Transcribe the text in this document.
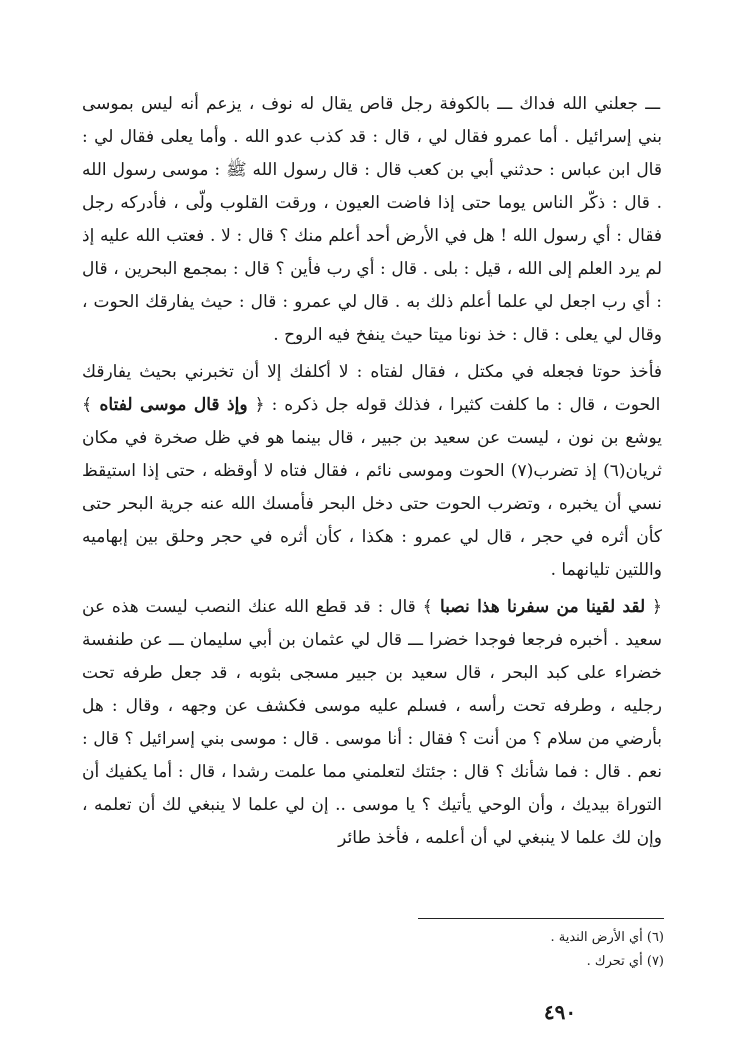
ـــ جعلني الله فداك ـــ بالكوفة رجل قاص يقال له نوف ، يزعم أنه ليس بموسى بني إسرائيل . أما عمرو فقال لي ، قال : قد كذب عدو الله . وأما يعلى فقال لي : قال ابن عباس : حدثني أبي بن كعب قال : قال رسول الله ﷺ : موسى رسول الله . قال : ذكّر الناس يوما حتى إذا فاضت العيون ، ورقت القلوب ولّى ، فأدركه رجل فقال : أي رسول الله ! هل في الأرض أحد أعلم منك ؟ قال : لا . فعتب الله عليه إذ لم يرد العلم إلى الله ، قيل : بلى . قال : أي رب فأين ؟ قال : بمجمع البحرين ، قال : أي رب اجعل لي علما أعلم ذلك به . قال لي عمرو : قال : حيث يفارقك الحوت ، وقال لي يعلى : قال : خذ نونا ميتا حيث ينفخ فيه الروح .

فأخذ حوتا فجعله في مكتل ، فقال لفتاه : لا أكلفك إلا أن تخبرني بحيث يفارقك الحوت ، قال : ما كلفت كثيرا ، فذلك قوله جل ذكره : ﴿ وإذ قال موسى لفتاه ﴾ يوشع بن نون ، ليست عن سعيد بن جبير ، قال بينما هو في ظل صخرة في مكان ثريان(٦) إذ تضرب(٧) الحوت وموسى نائم ، فقال فتاه لا أوقظه ، حتى إذا استيقظ نسي أن يخبره ، وتضرب الحوت حتى دخل البحر فأمسك الله عنه جرية البحر حتى كأن أثره في حجر ، قال لي عمرو : هكذا ، كأن أثره في حجر وحلق بين إبهاميه واللتين تليانهما .

﴿ لقد لقينا من سفرنا هذا نصبا ﴾ قال : قد قطع الله عنك النصب ليست هذه عن سعيد . أخبره فرجعا فوجدا خضرا ـــ قال لي عثمان بن أبي سليمان ـــ عن طنفسة خضراء على كبد البحر ، قال سعيد بن جبير مسجى بثوبه ، قد جعل طرفه تحت رجليه ، وطرفه تحت رأسه ، فسلم عليه موسى فكشف عن وجهه ، وقال : هل بأرضي من سلام ؟ من أنت ؟ فقال : أنا موسى . قال : موسى بني إسرائيل ؟ قال : نعم . قال : فما شأنك ؟ قال : جئتك لتعلمني مما علمت رشدا ، قال : أما يكفيك أن التوراة بيديك ، وأن الوحي يأتيك ؟ يا موسى .. إن لي علما لا ينبغي لك أن تعلمه ، وإن لك علما لا ينبغي لي أن أعلمه ، فأخذ طائر

(٦) أي الأرض الندية .
(٧) أي تحرك .
٤٩٠
